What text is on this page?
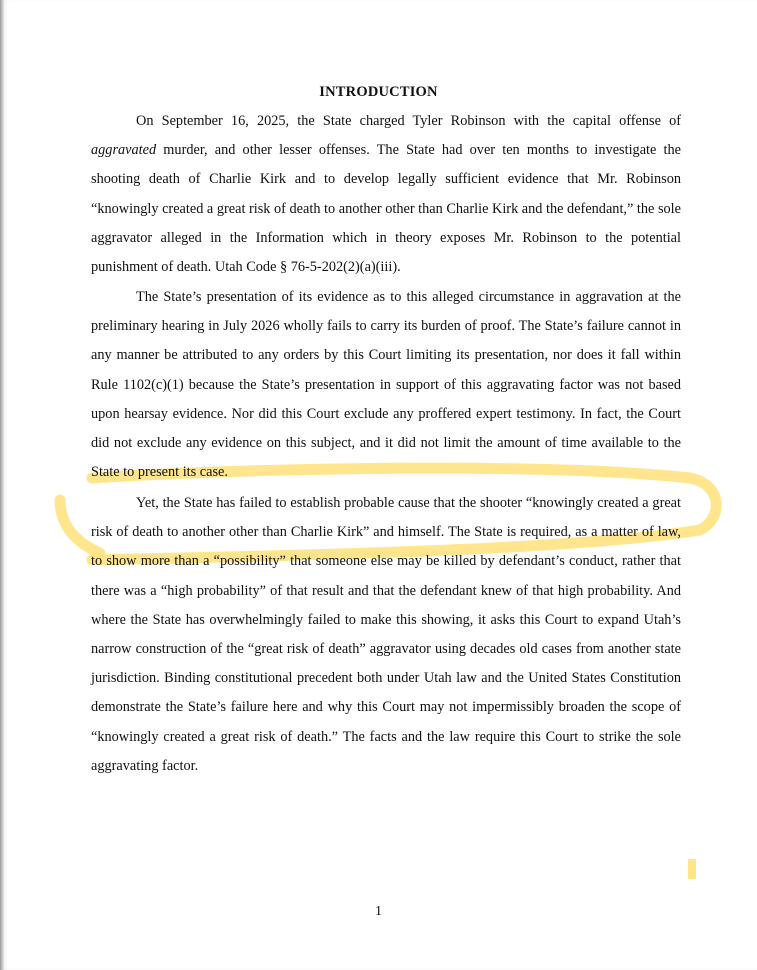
INTRODUCTION

On September 16, 2025, the State charged Tyler Robinson with the capital offense of aggravated murder, and other lesser offenses. The State had over ten months to investigate the shooting death of Charlie Kirk and to develop legally sufficient evidence that Mr. Robinson “knowingly created a great risk of death to another other than Charlie Kirk and the defendant,” the sole aggravator alleged in the Information which in theory exposes Mr. Robinson to the potential punishment of death. Utah Code § 76-5-202(2)(a)(iii).

The State’s presentation of its evidence as to this alleged circumstance in aggravation at the preliminary hearing in July 2026 wholly fails to carry its burden of proof. The State’s failure cannot in any manner be attributed to any orders by this Court limiting its presentation, nor does it fall within Rule 1102(c)(1) because the State’s presentation in support of this aggravating factor was not based upon hearsay evidence. Nor did this Court exclude any proffered expert testimony. In fact, the Court did not exclude any evidence on this subject, and it did not limit the amount of time available to the State to present its case.

Yet, the State has failed to establish probable cause that the shooter “knowingly created a great risk of death to another other than Charlie Kirk” and himself. The State is required, as a matter of law, to show more than a “possibility” that someone else may be killed by defendant’s conduct, rather that there was a “high probability” of that result and that the defendant knew of that high probability. And where the State has overwhelmingly failed to make this showing, it asks this Court to expand Utah’s narrow construction of the “great risk of death” aggravator using decades old cases from another state jurisdiction. Binding constitutional precedent both under Utah law and the United States Constitution demonstrate the State’s failure here and why this Court may not impermissibly broaden the scope of “knowingly created a great risk of death.” The facts and the law require this Court to strike the sole aggravating factor.

1
